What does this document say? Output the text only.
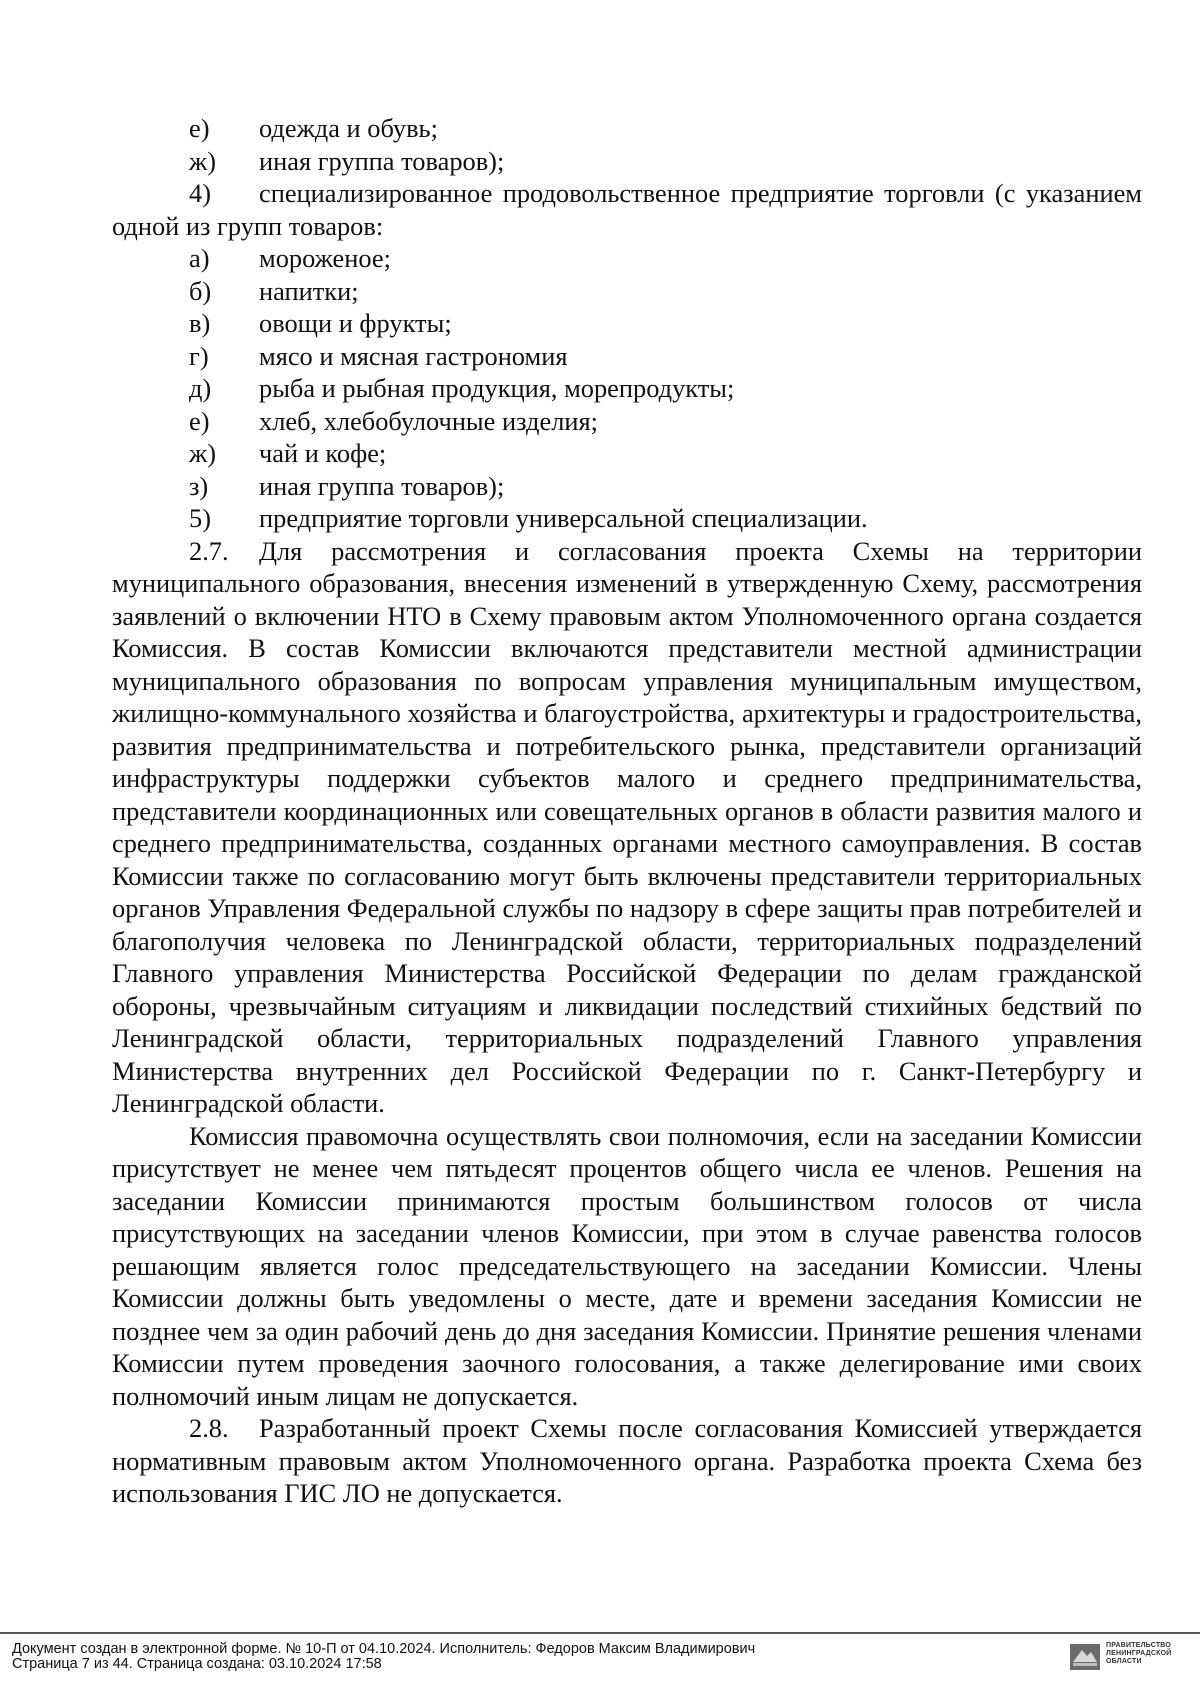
е)	одежда и обувь;
ж)	иная группа товаров);
4) специализированное продовольственное предприятие торговли (с указанием одной из групп товаров:
а)	мороженое;
б)	напитки;
в)	овощи и фрукты;
г)	мясо и мясная гастрономия
д)	рыба и рыбная продукция, морепродукты;
е)	хлеб, хлебобулочные изделия;
ж)	чай и кофе;
з)	иная группа товаров);
5)	предприятие торговли универсальной специализации.
2.7. Для рассмотрения и согласования проекта Схемы на территории муниципального образования, внесения изменений в утвержденную Схему, рассмотрения заявлений о включении НТО в Схему правовым актом Уполномоченного органа создается Комиссия. В состав Комиссии включаются представители местной администрации муниципального образования по вопросам управления муниципальным имуществом, жилищно-коммунального хозяйства и благоустройства, архитектуры и градостроительства, развития предпринимательства и потребительского рынка, представители организаций инфраструктуры поддержки субъектов малого и среднего предпринимательства, представители координационных или совещательных органов в области развития малого и среднего предпринимательства, созданных органами местного самоуправления. В состав Комиссии также по согласованию могут быть включены представители территориальных органов Управления Федеральной службы по надзору в сфере защиты прав потребителей и благополучия человека по Ленинградской области, территориальных подразделений Главного управления Министерства Российской Федерации по делам гражданской обороны, чрезвычайным ситуациям и ликвидации последствий стихийных бедствий по Ленинградской области, территориальных подразделений Главного управления Министерства внутренних дел Российской Федерации по г. Санкт-Петербургу и Ленинградской области.
Комиссия правомочна осуществлять свои полномочия, если на заседании Комиссии присутствует не менее чем пятьдесят процентов общего числа ее членов. Решения на заседании Комиссии принимаются простым большинством голосов от числа присутствующих на заседании членов Комиссии, при этом в случае равенства голосов решающим является голос председательствующего на заседании Комиссии. Члены Комиссии должны быть уведомлены о месте, дате и времени заседания Комиссии не позднее чем за один рабочий день до дня заседания Комиссии. Принятие решения членами Комиссии путем проведения заочного голосования, а также делегирование ими своих полномочий иным лицам не допускается.
2.8. Разработанный проект Схемы после согласования Комиссией утверждается нормативным правовым актом Уполномоченного органа. Разработка проекта Схема без использования ГИС ЛО не допускается.
Документ создан в электронной форме. № 10-П от 04.10.2024. Исполнитель: Федоров Максим Владимирович
Страница 7 из 44. Страница создана: 03.10.2024 17:58
ПРАВИТЕЛЬСТВО
ЛЕНИНГРАДСКОЙ
ОБЛАСТИ
